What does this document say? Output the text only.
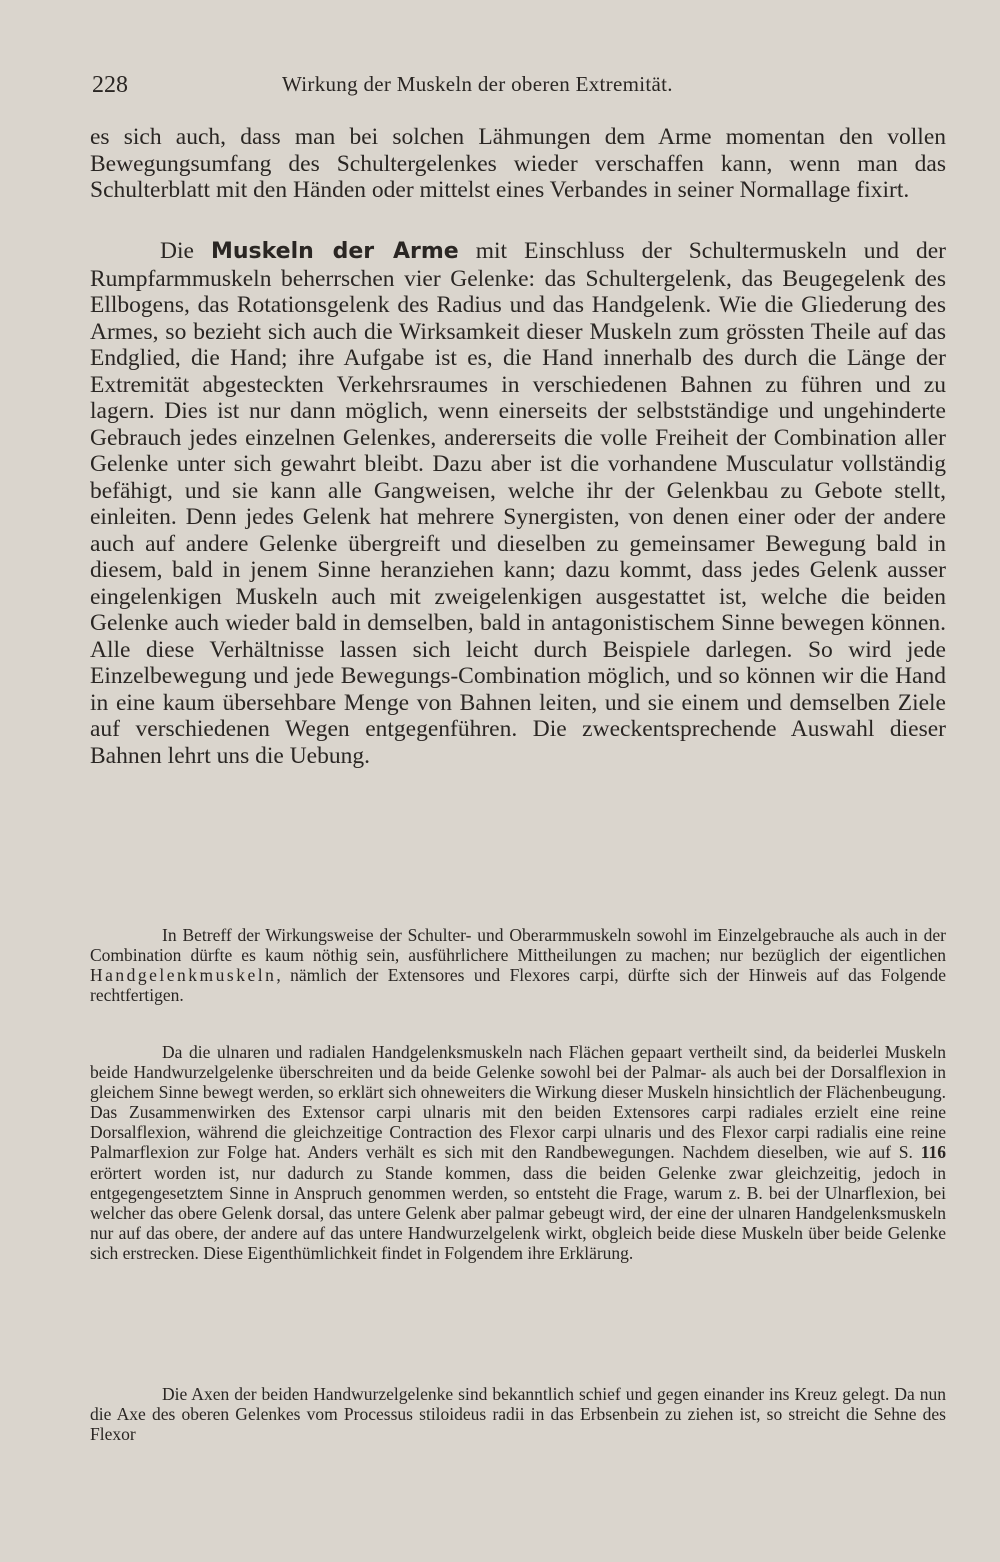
228	Wirkung der Muskeln der oberen Extremität.

es sich auch, dass man bei solchen Lähmungen dem Arme momentan den vollen Bewegungsumfang des Schultergelenkes wieder verschaffen kann, wenn man das Schulterblatt mit den Händen oder mittelst eines Verbandes in seiner Normallage fixirt.

Die Muskeln der Arme mit Einschluss der Schultermuskeln und der Rumpfarmmuskeln beherrschen vier Gelenke: das Schultergelenk, das Beugegelenk des Ellbogens, das Rotationsgelenk des Radius und das Handgelenk. Wie die Gliederung des Armes, so bezieht sich auch die Wirksamkeit dieser Muskeln zum grössten Theile auf das Endglied, die Hand; ihre Aufgabe ist es, die Hand innerhalb des durch die Länge der Extremität abgesteckten Verkehrsraumes in verschiedenen Bahnen zu führen und zu lagern. Dies ist nur dann möglich, wenn einerseits der selbstständige und ungehinderte Gebrauch jedes einzelnen Gelenkes, andererseits die volle Freiheit der Combination aller Gelenke unter sich gewahrt bleibt. Dazu aber ist die vorhandene Musculatur vollständig befähigt, und sie kann alle Gangweisen, welche ihr der Gelenkbau zu Gebote stellt, einleiten. Denn jedes Gelenk hat mehrere Synergisten, von denen einer oder der andere auch auf andere Gelenke übergreift und dieselben zu gemeinsamer Bewegung bald in diesem, bald in jenem Sinne heranziehen kann; dazu kommt, dass jedes Gelenk ausser eingelenkigen Muskeln auch mit zweigelenkigen ausgestattet ist, welche die beiden Gelenke auch wieder bald in demselben, bald in antagonistischem Sinne bewegen können. Alle diese Verhältnisse lassen sich leicht durch Beispiele darlegen. So wird jede Einzelbewegung und jede Bewegungs-Combination möglich, und so können wir die Hand in eine kaum übersehbare Menge von Bahnen leiten, und sie einem und demselben Ziele auf verschiedenen Wegen entgegenführen. Die zweckentsprechende Auswahl dieser Bahnen lehrt uns die Uebung.

In Betreff der Wirkungsweise der Schulter- und Oberarmmuskeln sowohl im Einzelgebrauche als auch in der Combination dürfte es kaum nöthig sein, ausführlichere Mittheilungen zu machen; nur bezüglich der eigentlichen Handgelenkmuskeln, nämlich der Extensores und Flexores carpi, dürfte sich der Hinweis auf das Folgende rechtfertigen.

Da die ulnaren und radialen Handgelenksmuskeln nach Flächen gepaart vertheilt sind, da beiderlei Muskeln beide Handwurzelgelenke überschreiten und da beide Gelenke sowohl bei der Palmar- als auch bei der Dorsalflexion in gleichem Sinne bewegt werden, so erklärt sich ohneweiters die Wirkung dieser Muskeln hinsichtlich der Flächenbeugung. Das Zusammenwirken des Extensor carpi ulnaris mit den beiden Extensores carpi radiales erzielt eine reine Dorsalflexion, während die gleichzeitige Contraction des Flexor carpi ulnaris und des Flexor carpi radialis eine reine Palmarflexion zur Folge hat. Anders verhält es sich mit den Randbewegungen. Nachdem dieselben, wie auf S. 116 erörtert worden ist, nur dadurch zu Stande kommen, dass die beiden Gelenke zwar gleichzeitig, jedoch in entgegengesetztem Sinne in Anspruch genommen werden, so entsteht die Frage, warum z. B. bei der Ulnarflexion, bei welcher das obere Gelenk dorsal, das untere Gelenk aber palmar gebeugt wird, der eine der ulnaren Handgelenksmuskeln nur auf das obere, der andere auf das untere Handwurzelgelenk wirkt, obgleich beide diese Muskeln über beide Gelenke sich erstrecken. Diese Eigenthümlichkeit findet in Folgendem ihre Erklärung.

Die Axen der beiden Handwurzelgelenke sind bekanntlich schief und gegen einander ins Kreuz gelegt. Da nun die Axe des oberen Gelenkes vom Processus stiloideus radii in das Erbsenbein zu ziehen ist, so streicht die Sehne des Flexor
